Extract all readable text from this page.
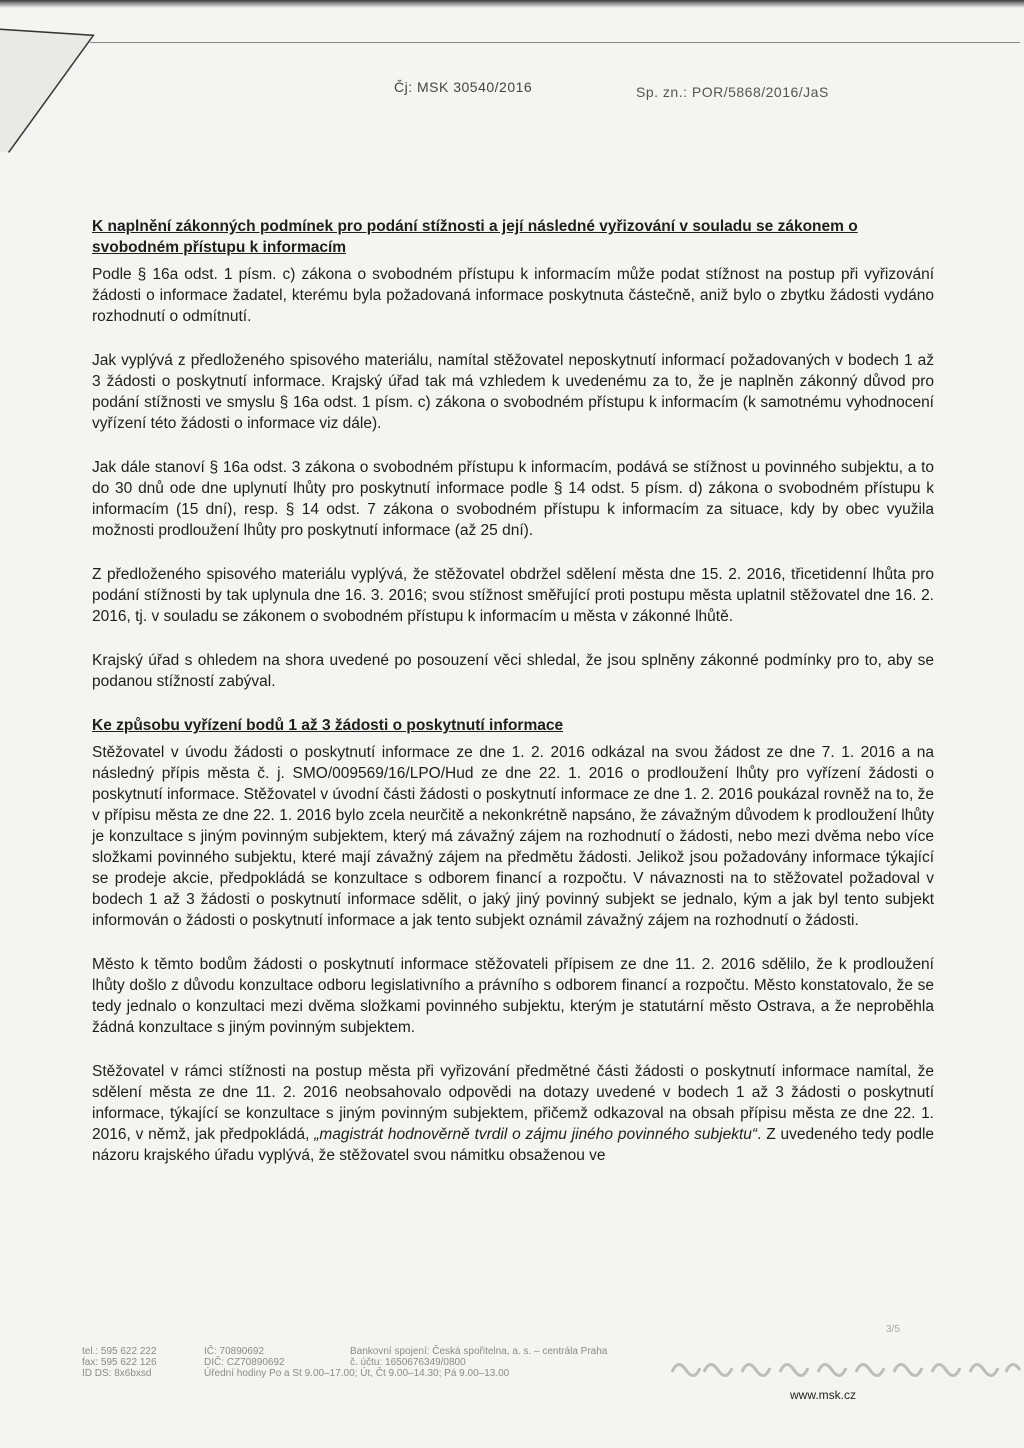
Čj: MSK 30540/2016	Sp. zn.: POR/5868/2016/JaS
K naplnění zákonných podmínek pro podání stížnosti a její následné vyřizování v souladu se zákonem o svobodném přístupu k informacím

Podle § 16a odst. 1 písm. c) zákona o svobodném přístupu k informacím může podat stížnost na postup při vyřizování žádosti o informace žadatel, kterému byla požadovaná informace poskytnuta částečně, aniž bylo o zbytku žádosti vydáno rozhodnutí o odmítnutí.

Jak vyplývá z předloženého spisového materiálu, namítal stěžovatel neposkytnutí informací požadovaných v bodech 1 až 3 žádosti o poskytnutí informace. Krajský úřad tak má vzhledem k uvedenému za to, že je naplněn zákonný důvod pro podání stížnosti ve smyslu § 16a odst. 1 písm. c) zákona o svobodném přístupu k informacím (k samotnému vyhodnocení vyřízení této žádosti o informace viz dále).

Jak dále stanoví § 16a odst. 3 zákona o svobodném přístupu k informacím, podává se stížnost u povinného subjektu, a to do 30 dnů ode dne uplynutí lhůty pro poskytnutí informace podle § 14 odst. 5 písm. d) zákona o svobodném přístupu k informacím (15 dní), resp. § 14 odst. 7 zákona o svobodném přístupu k informacím za situace, kdy by obec využila možnosti prodloužení lhůty pro poskytnutí informace (až 25 dní).

Z předloženého spisového materiálu vyplývá, že stěžovatel obdržel sdělení města dne 15. 2. 2016, třicetidenní lhůta pro podání stížnosti by tak uplynula dne 16. 3. 2016; svou stížnost směřující proti postupu města uplatnil stěžovatel dne 16. 2. 2016, tj. v souladu se zákonem o svobodném přístupu k informacím u města v zákonné lhůtě.

Krajský úřad s ohledem na shora uvedené po posouzení věci shledal, že jsou splněny zákonné podmínky pro to, aby se podanou stížností zabýval.

Ke způsobu vyřízení bodů 1 až 3 žádosti o poskytnutí informace

Stěžovatel v úvodu žádosti o poskytnutí informace ze dne 1. 2. 2016 odkázal na svou žádost ze dne 7. 1. 2016 a na následný přípis města č. j. SMO/009569/16/LPO/Hud ze dne 22. 1. 2016 o prodloužení lhůty pro vyřízení žádosti o poskytnutí informace. Stěžovatel v úvodní části žádosti o poskytnutí informace ze dne 1. 2. 2016 poukázal rovněž na to, že v přípisu města ze dne 22. 1. 2016 bylo zcela neurčitě a nekonkrétně napsáno, že závažným důvodem k prodloužení lhůty je konzultace s jiným povinným subjektem, který má závažný zájem na rozhodnutí o žádosti, nebo mezi dvěma nebo více složkami povinného subjektu, které mají závažný zájem na předmětu žádosti. Jelikož jsou požadovány informace týkající se prodeje akcie, předpokládá se konzultace s odborem financí a rozpočtu. V návaznosti na to stěžovatel požadoval v bodech 1 až 3 žádosti o poskytnutí informace sdělit, o jaký jiný povinný subjekt se jednalo, kým a jak byl tento subjekt informován o žádosti o poskytnutí informace a jak tento subjekt oznámil závažný zájem na rozhodnutí o žádosti.

Město k těmto bodům žádosti o poskytnutí informace stěžovateli přípisem ze dne 11. 2. 2016 sdělilo, že k prodloužení lhůty došlo z důvodu konzultace odboru legislativního a právního s odborem financí a rozpočtu. Město konstatovalo, že se tedy jednalo o konzultaci mezi dvěma složkami povinného subjektu, kterým je statutární město Ostrava, a že neproběhla žádná konzultace s jiným povinným subjektem.

Stěžovatel v rámci stížnosti na postup města při vyřizování předmětné části žádosti o poskytnutí informace namítal, že sdělení města ze dne 11. 2. 2016 neobsahovalo odpovědi na dotazy uvedené v bodech 1 až 3 žádosti o poskytnutí informace, týkající se konzultace s jiným povinným subjektem, přičemž odkazoval na obsah přípisu města ze dne 22. 1. 2016, v němž, jak předpokládá, „magistrát hodnověrně tvrdil o zájmu jiného povinného subjektu“. Z uvedeného tedy podle názoru krajského úřadu vyplývá, že stěžovatel svou námitku obsaženou ve

3/5
tel.: 595 622 222
fax: 595 622 126
ID DS: 8x6bxsd
IČ: 70890692
DIČ: CZ70890692
Úřední hodiny Po a St 9.00–17.00; Út, Čt 9.00–14.30; Pá 9.00–13.00
Bankovní spojení: Česká spořitelna, a. s. – centrála Praha
č. účtu: 1650676349/0800
www.msk.cz
